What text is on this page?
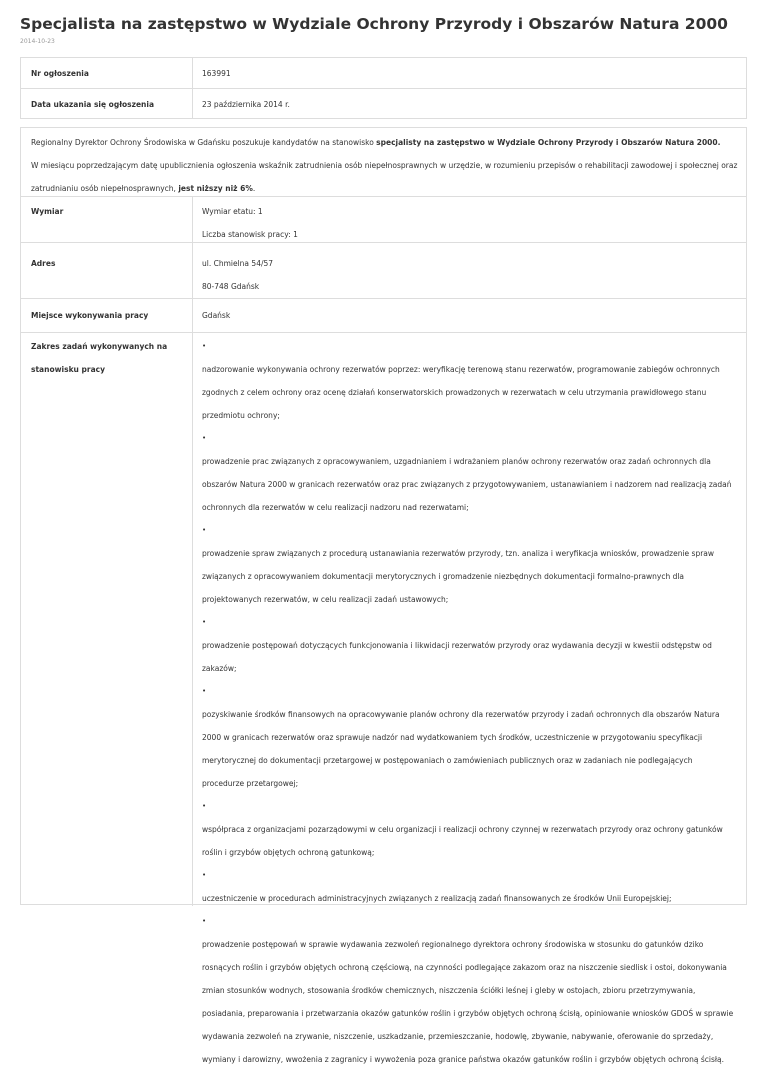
Specjalista na zastępstwo w Wydziale Ochrony Przyrody i Obszarów Natura 2000
2014-10-23
Nr ogłoszenia	163991
Data ukazania się ogłoszenia	23 października 2014 r.

Regionalny Dyrektor Ochrony Środowiska w Gdańsku poszukuje kandydatów na stanowisko specjalisty na zastępstwo w Wydziale Ochrony Przyrody i Obszarów Natura 2000.

W miesiącu poprzedzającym datę upublicznienia ogłoszenia wskaźnik zatrudnienia osób niepełnosprawnych w urzędzie, w rozumieniu przepisów o rehabilitacji zawodowej i społecznej oraz

zatrudnianiu osób niepełnosprawnych, jest niższy niż 6%.

Wymiar	Wymiar etatu: 1

Liczba stanowisk pracy: 1

Adres	ul. Chmielna 54/57

80-748 Gdańsk

Miejsce wykonywania pracy	Gdańsk

Zakres zadań wykonywanych na

stanowisku pracy

•

nadzorowanie wykonywania ochrony rezerwatów poprzez: weryfikację terenową stanu rezerwatów, programowanie zabiegów ochronnych

zgodnych z celem ochrony oraz ocenę działań konserwatorskich prowadzonych w rezerwatach w celu utrzymania prawidłowego stanu

przedmiotu ochrony;

•

prowadzenie prac związanych z opracowywaniem, uzgadnianiem i wdrażaniem planów ochrony rezerwatów oraz zadań ochronnych dla

obszarów Natura 2000 w granicach rezerwatów oraz prac związanych z przygotowywaniem, ustanawianiem i nadzorem nad realizacją zadań

ochronnych dla rezerwatów w celu realizacji nadzoru nad rezerwatami;

•

prowadzenie spraw związanych z procedurą ustanawiania rezerwatów przyrody, tzn. analiza i weryfikacja wniosków, prowadzenie spraw

związanych z opracowywaniem dokumentacji merytorycznych i gromadzenie niezbędnych dokumentacji formalno-prawnych dla

projektowanych rezerwatów, w celu realizacji zadań ustawowych;

•

prowadzenie postępowań dotyczących funkcjonowania i likwidacji rezerwatów przyrody oraz wydawania decyzji w kwestii odstępstw od

zakazów;

•

pozyskiwanie środków finansowych na opracowywanie planów ochrony dla rezerwatów przyrody i zadań ochronnych dla obszarów Natura

2000 w granicach rezerwatów oraz sprawuje nadzór nad wydatkowaniem tych środków, uczestniczenie w przygotowaniu specyfikacji

merytorycznej do dokumentacji przetargowej w postępowaniach o zamówieniach publicznych oraz w zadaniach nie podlegających

procedurze przetargowej;

•

współpraca z organizacjami pozarządowymi w celu organizacji i realizacji ochrony czynnej w rezerwatach przyrody oraz ochrony gatunków

roślin i grzybów objętych ochroną gatunkową;

•

uczestniczenie w procedurach administracyjnych związanych z realizacją zadań finansowanych ze środków Unii Europejskiej;

•

prowadzenie postępowań w sprawie wydawania zezwoleń regionalnego dyrektora ochrony środowiska w stosunku do gatunków dziko

rosnących roślin i grzybów objętych ochroną częściową, na czynności podlegające zakazom oraz na niszczenie siedlisk i ostoi, dokonywania

zmian stosunków wodnych, stosowania środków chemicznych, niszczenia ściółki leśnej i gleby w ostojach, zbioru przetrzymywania,

posiadania, preparowania i przetwarzania okazów gatunków roślin i grzybów objętych ochroną ścisłą, opiniowanie wniosków GDOŚ w sprawie

wydawania zezwoleń na zrywanie, niszczenie, uszkadzanie, przemieszczanie, hodowlę, zbywanie, nabywanie, oferowanie do sprzedaży,

wymiany i darowizny, wwożenia z zagranicy i wywożenia poza granice państwa okazów gatunków roślin i grzybów objętych ochroną ścisłą.
